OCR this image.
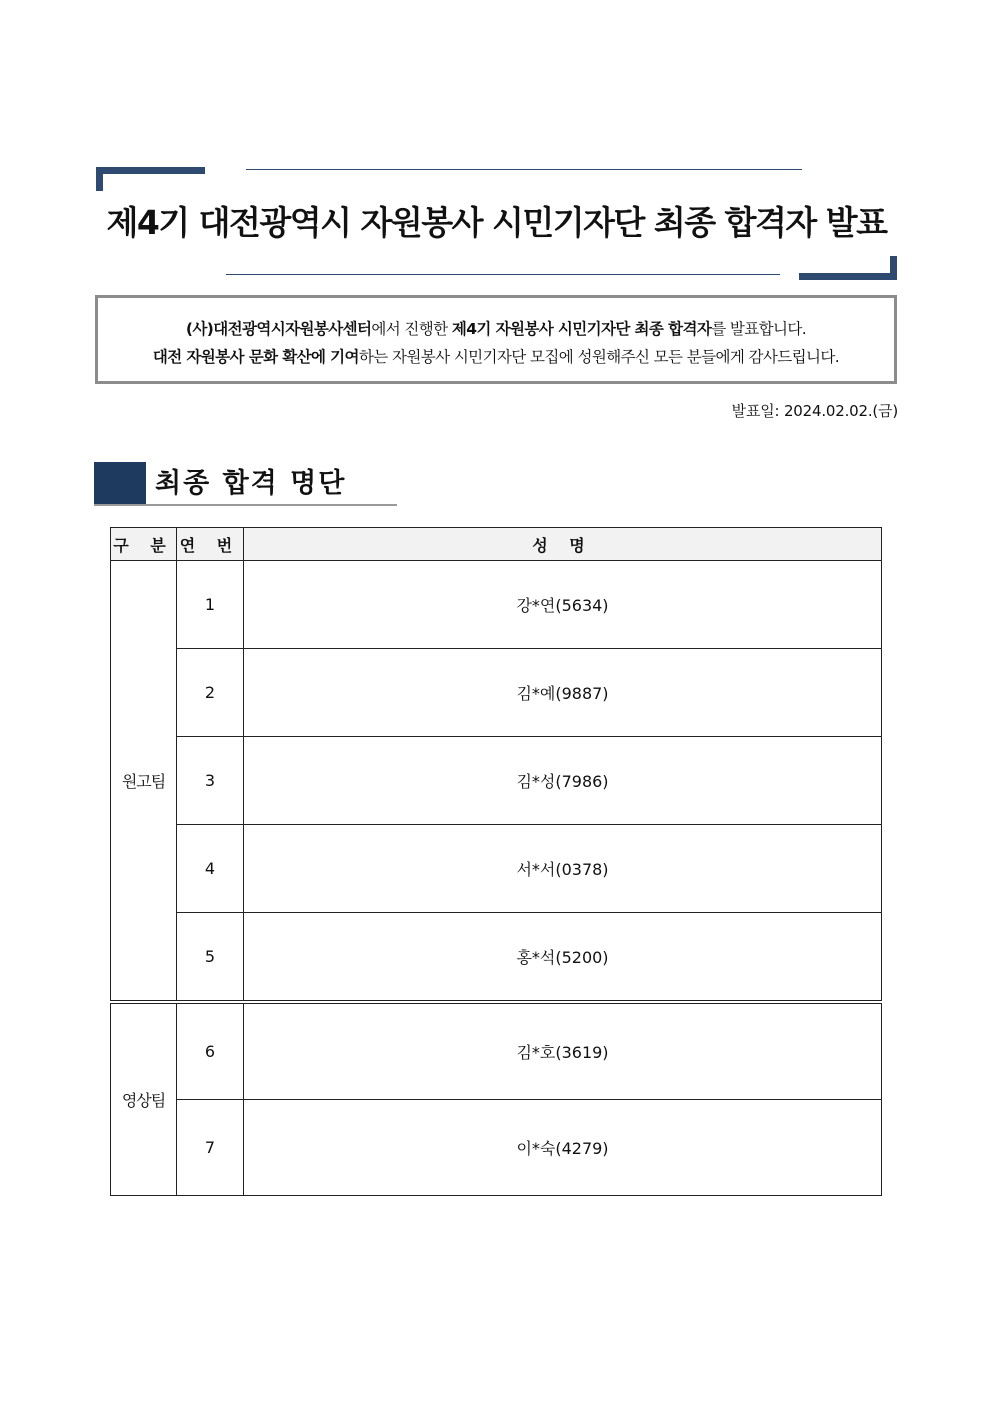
제4기 대전광역시 자원봉사 시민기자단 최종 합격자 발표
(사)대전광역시자원봉사센터에서 진행한 제4기 자원봉사 시민기자단 최종 합격자를 발표합니다.
대전 자원봉사 문화 확산에 기여하는 자원봉사 시민기자단 모집에 성원해주신 모든 분들에게 감사드립니다.
발표일: 2024.02.02.(금)
최종 합격 명단
구 분	연 번	성 명
원고팀	1	강*연(5634)
	2	김*예(9887)
	3	김*성(7986)
	4	서*서(0378)
	5	홍*석(5200)
영상팀	6	김*호(3619)
	7	이*숙(4279)
